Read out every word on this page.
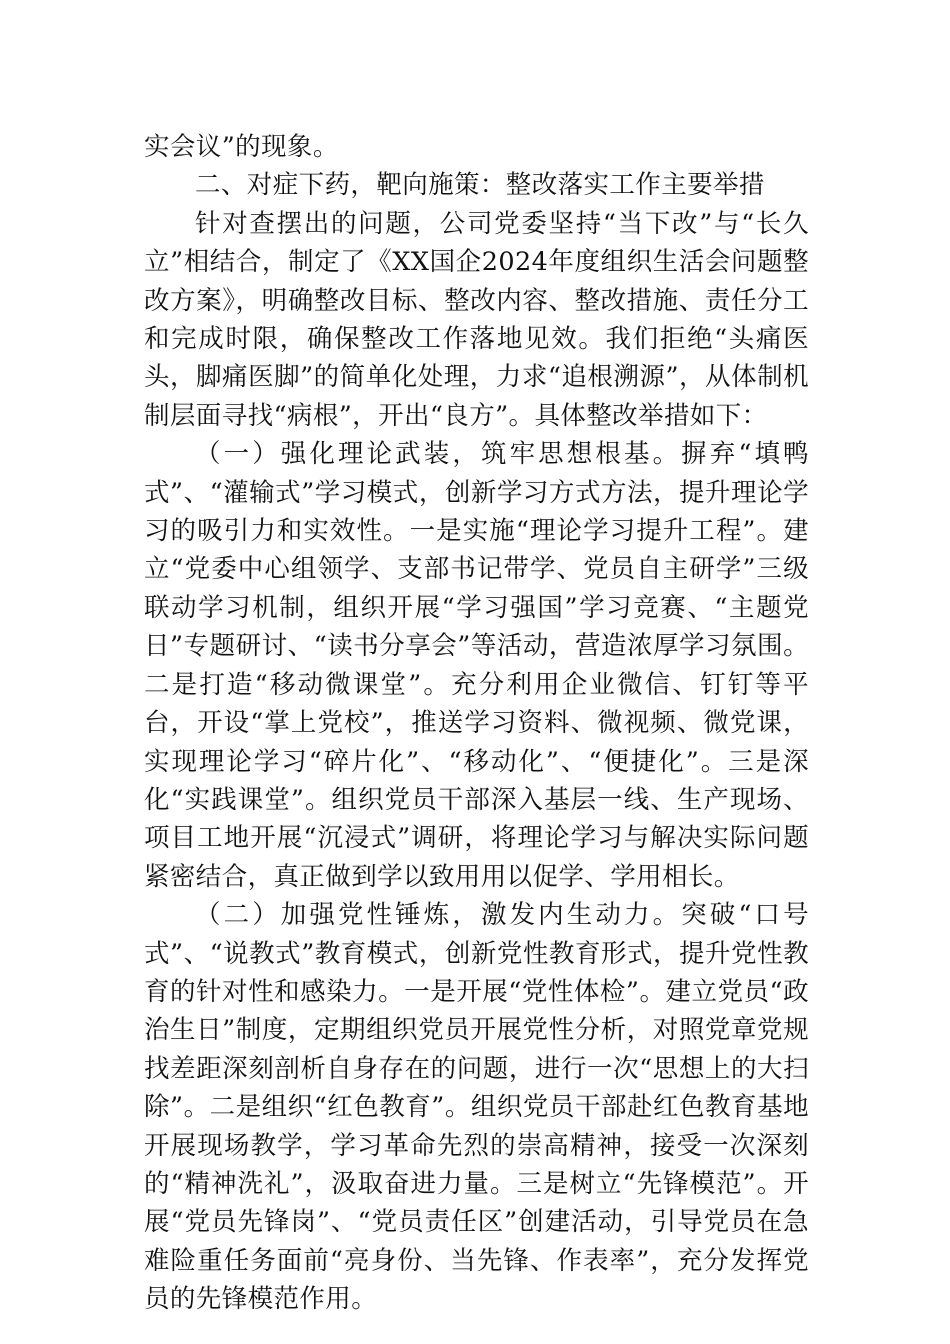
实会议”的现象。

二、对症下药，靶向施策：整改落实工作主要举措

针对查摆出的问题，公司党委坚持“当下改”与“长久立”相结合，制定了《XX国企2024年度组织生活会问题整改方案》，明确整改目标、整改内容、整改措施、责任分工和完成时限，确保整改工作落地见效。我们拒绝“头痛医头，脚痛医脚”的简单化处理，力求“追根溯源”，从体制机制层面寻找“病根”，开出“良方”。具体整改举措如下：

（一）强化理论武装，筑牢思想根基。摒弃“填鸭式”、“灌输式”学习模式，创新学习方式方法，提升理论学习的吸引力和实效性。一是实施“理论学习提升工程”。建立“党委中心组领学、支部书记带学、党员自主研学”三级联动学习机制，组织开展“学习强国”学习竞赛、“主题党日”专题研讨、“读书分享会”等活动，营造浓厚学习氛围。二是打造“移动微课堂”。充分利用企业微信、钉钉等平台，开设“掌上党校”，推送学习资料、微视频、微党课，实现理论学习“碎片化”、“移动化”、“便捷化”。三是深化“实践课堂”。组织党员干部深入基层一线、生产现场、项目工地开展“沉浸式”调研，将理论学习与解决实际问题紧密结合，真正做到学以致用用以促学、学用相长。

（二）加强党性锤炼，激发内生动力。突破“口号式”、“说教式”教育模式，创新党性教育形式，提升党性教育的针对性和感染力。一是开展“党性体检”。建立党员“政治生日”制度，定期组织党员开展党性分析，对照党章党规找差距深刻剖析自身存在的问题，进行一次“思想上的大扫除”。二是组织“红色教育”。组织党员干部赴红色教育基地开展现场教学，学习革命先烈的崇高精神，接受一次深刻的“精神洗礼”，汲取奋进力量。三是树立“先锋模范”。开展“党员先锋岗”、“党员责任区”创建活动，引导党员在急难险重任务面前“亮身份、当先锋、作表率”，充分发挥党员的先锋模范作用。
